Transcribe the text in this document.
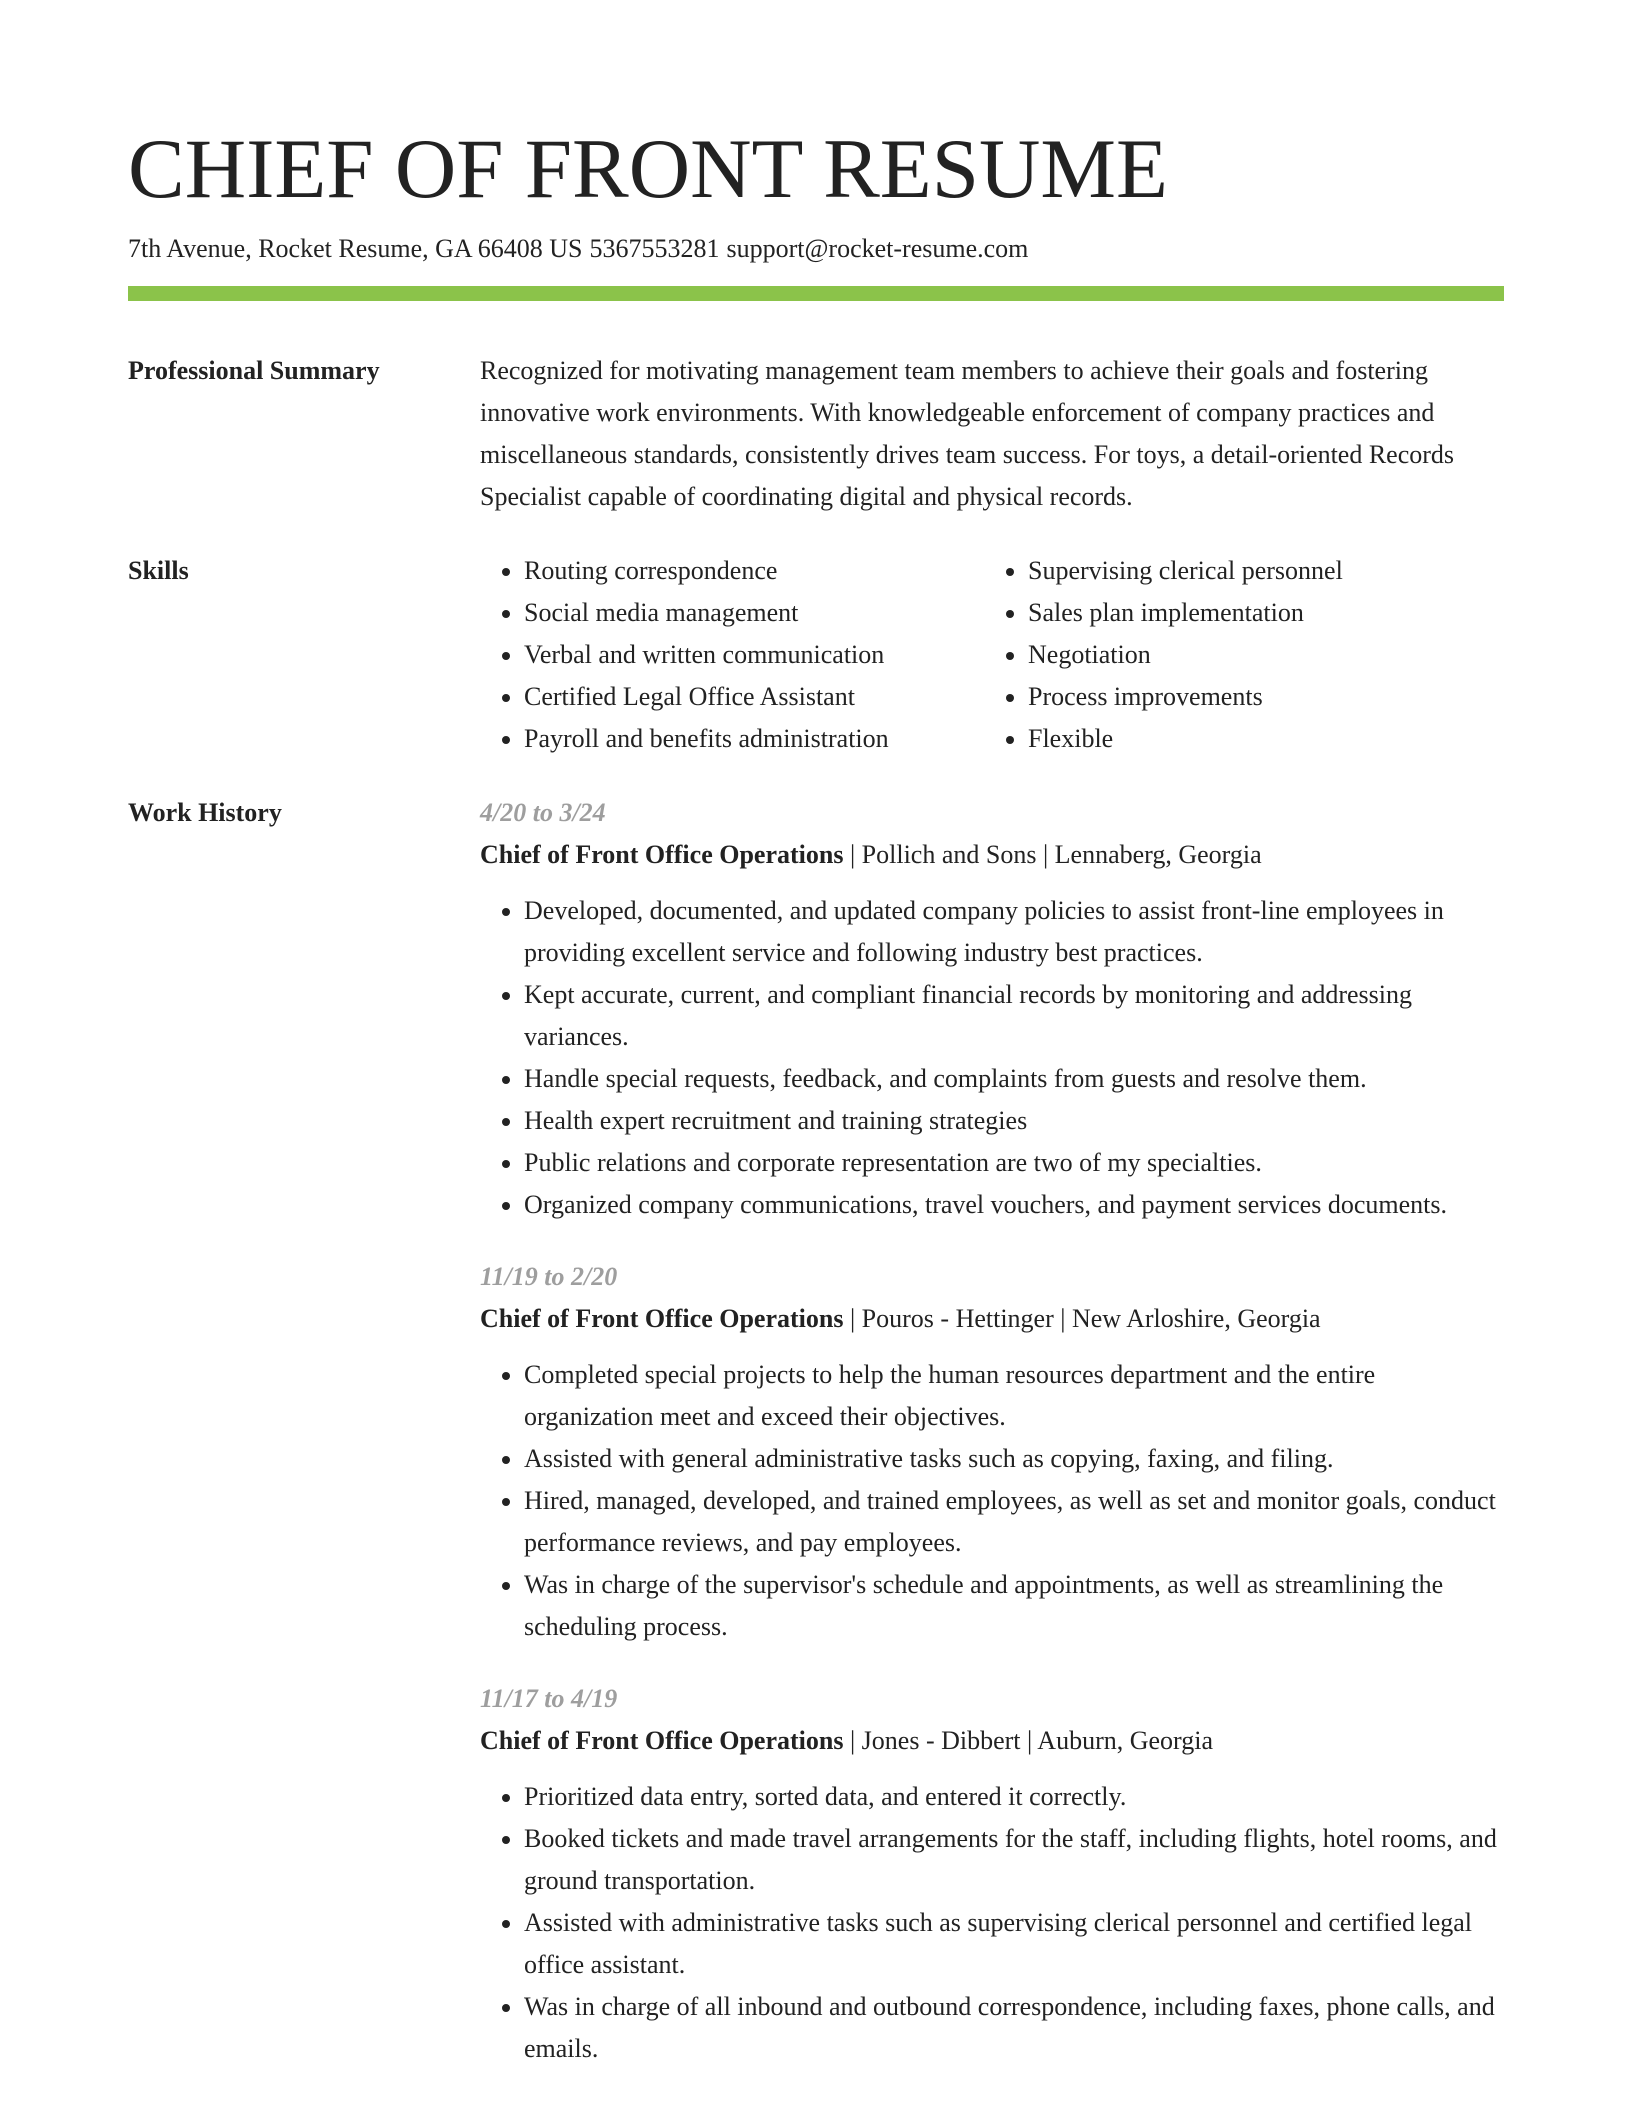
CHIEF OF FRONT RESUME
7th Avenue, Rocket Resume, GA 66408 US 5367553281 support@rocket-resume.com
Professional Summary	Recognized for motivating management team members to achieve their goals and fostering innovative work environments. With knowledgeable enforcement of company practices and miscellaneous standards, consistently drives team success. For toys, a detail-oriented Records Specialist capable of coordinating digital and physical records.

Skills
•	Routing correspondence
• Social media management
• Verbal and written communication
• Certified Legal Office Assistant
• Payroll and benefits administration
• Supervising clerical personnel
• Sales plan implementation
• Negotiation
• Process improvements
• Flexible
Work History	4/20 to 3/24
Chief of Front Office Operations | Pollich and Sons | Lennaberg, Georgia
• Developed, documented, and updated company policies to assist front-line employees in providing excellent service and following industry best practices.
• Kept accurate, current, and compliant financial records by monitoring and addressing variances.
• Handle special requests, feedback, and complaints from guests and resolve them.
• Health expert recruitment and training strategies
• Public relations and corporate representation are two of my specialties.
• Organized company communications, travel vouchers, and payment services documents.
11/19 to 2/20
Chief of Front Office Operations | Pouros - Hettinger | New Arloshire, Georgia
• Completed special projects to help the human resources department and the entire organization meet and exceed their objectives.
• Assisted with general administrative tasks such as copying, faxing, and filing.
• Hired, managed, developed, and trained employees, as well as set and monitor goals, conduct performance reviews, and pay employees.
• Was in charge of the supervisor's schedule and appointments, as well as streamlining the scheduling process.
11/17 to 4/19
Chief of Front Office Operations | Jones - Dibbert | Auburn, Georgia
• Prioritized data entry, sorted data, and entered it correctly.
• Booked tickets and made travel arrangements for the staff, including flights, hotel rooms, and ground transportation.
• Assisted with administrative tasks such as supervising clerical personnel and certified legal office assistant.
• Was in charge of all inbound and outbound correspondence, including faxes, phone calls, and emails.
